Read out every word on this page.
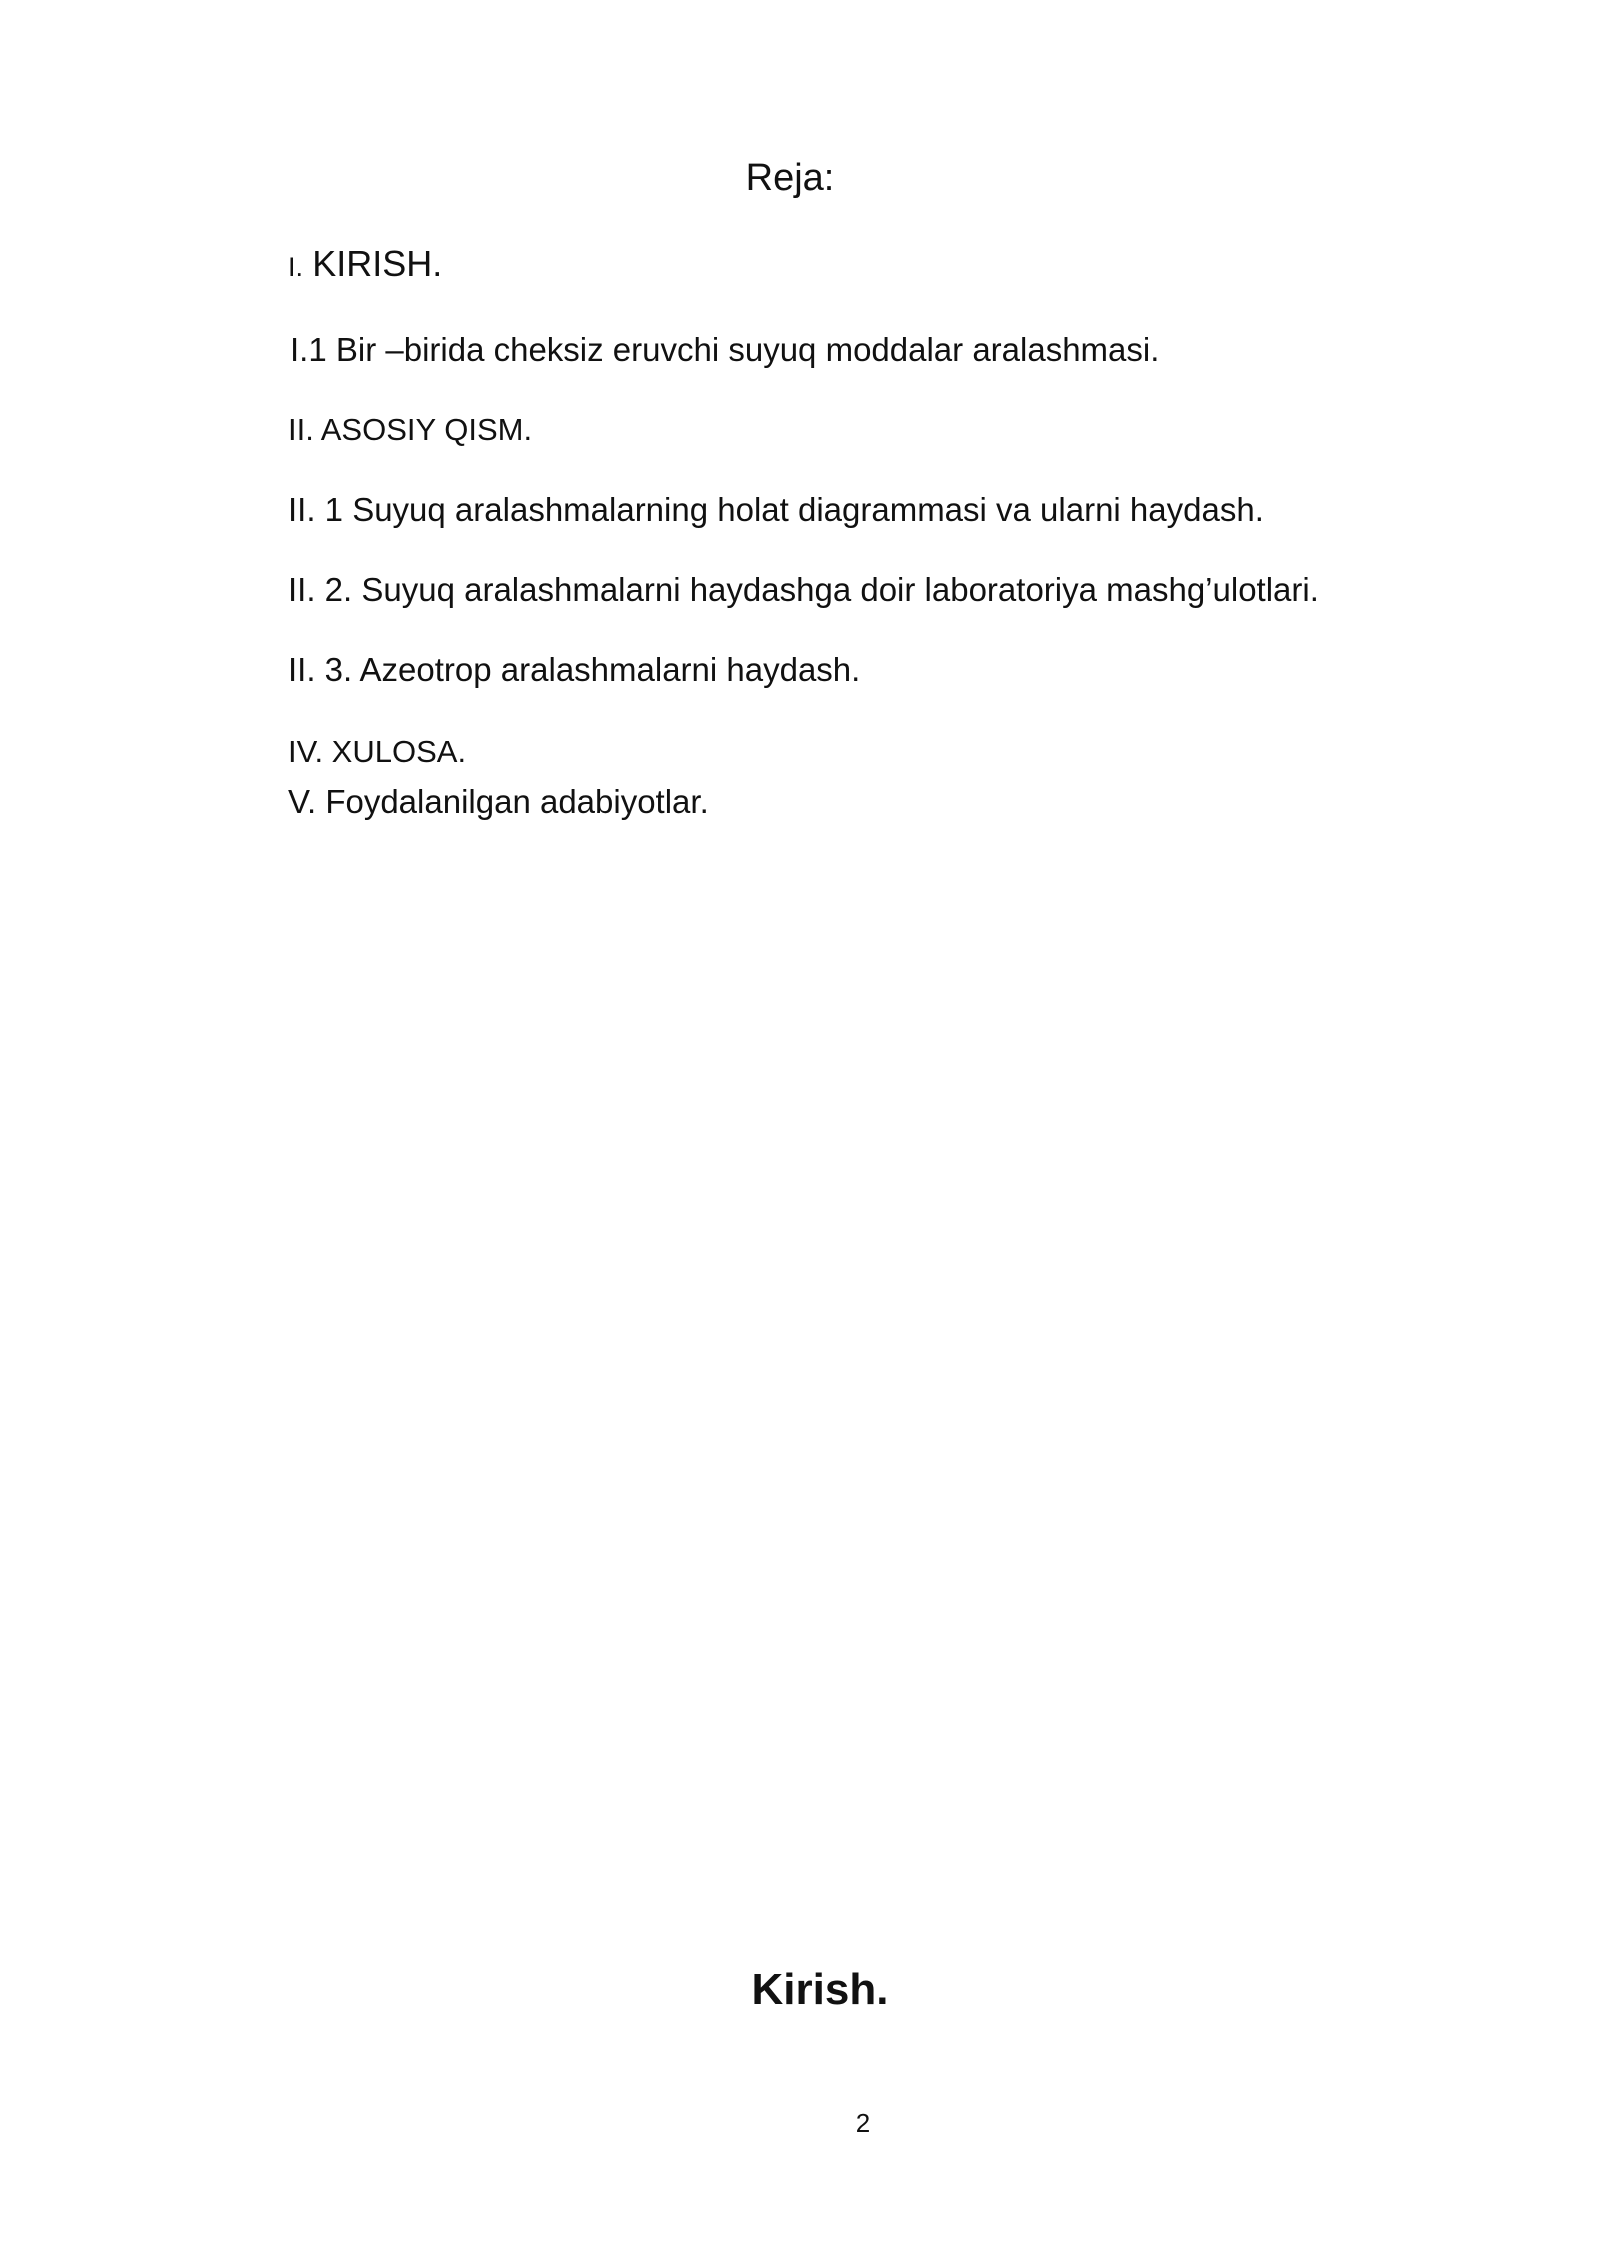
Reja:
I. KIRISH.
I.1 Bir –birida cheksiz eruvchi suyuq moddalar aralashmasi.
II. ASOSIY QISM.
II. 1 Suyuq aralashmalarning holat diagrammasi va ularni haydash.
II. 2. Suyuq aralashmalarni haydashga doir laboratoriya mashg’ulotlari.
II. 3. Azeotrop aralashmalarni haydash.
IV. XULOSA.
V. Foydalanilgan adabiyotlar.
Kirish.
2
